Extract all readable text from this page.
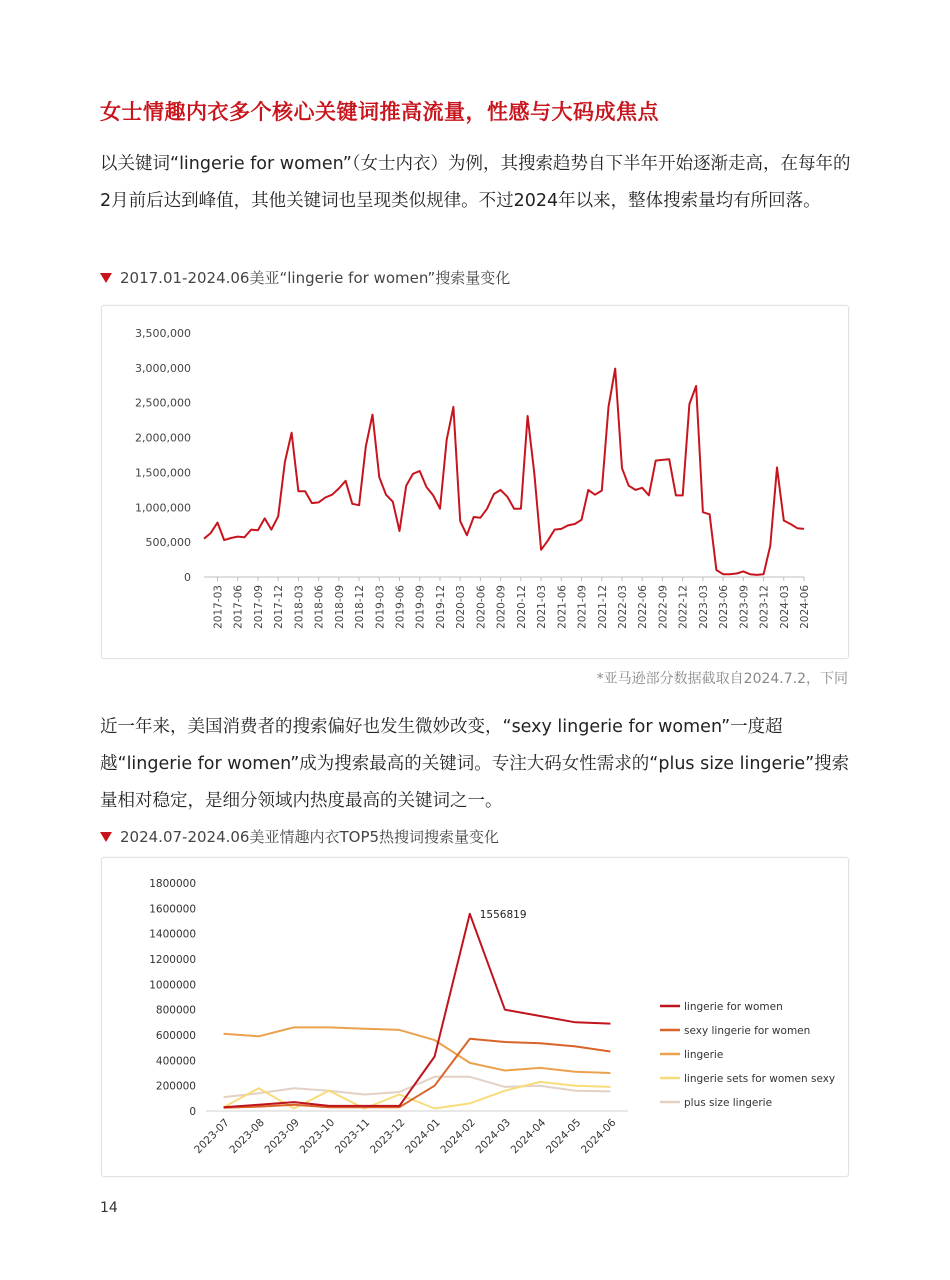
女士情趣内衣多个核心关键词推高流量，性感与大码成焦点
以关键词“lingerie for women”（女士内衣）为例，其搜索趋势自下半年开始逐渐走高，在每年的2月前后达到峰值，其他关键词也呈现类似规律。不过2024年以来，整体搜索量均有所回落。
2017.01-2024.06美亚“lingerie for women”搜索量变化
3,500,000
3,000,000
2,500,000
2,000,000
1,500,000
1,000,000
500,000
0
2017-03 2017-06 2017-09 2017-12 2018-03 2018-06 2018-09 2018-12 2019-03 2019-06 2019-09 2019-12 2020-03 2020-06 2020-09 2020-12 2021-03 2021-06 2021-09 2021-12 2022-03 2022-06 2022-09 2022-12 2023-03 2023-06 2023-09 2023-12 2024-03 2024-06
*亚马逊部分数据截取自2024.7.2，下同
近一年来，美国消费者的搜索偏好也发生微妙改变，“sexy lingerie for women”一度超越“lingerie for women”成为搜索最高的关键词。专注大码女性需求的“plus size lingerie”搜索量相对稳定，是细分领域内热度最高的关键词之一。
2024.07-2024.06美亚情趣内衣TOP5热搜词搜索量变化
1800000
1600000
1400000
1200000
1000000
800000
600000
400000
200000
0
2023-07
2023-08
2023-09
2023-10
2023-11
2023-12
2024-01
2024-02
2024-03
2024-04
2024-05
2024-06
1556819
lingerie for women
sexy lingerie for women
lingerie
lingerie sets for women sexy
plus size lingerie
14
